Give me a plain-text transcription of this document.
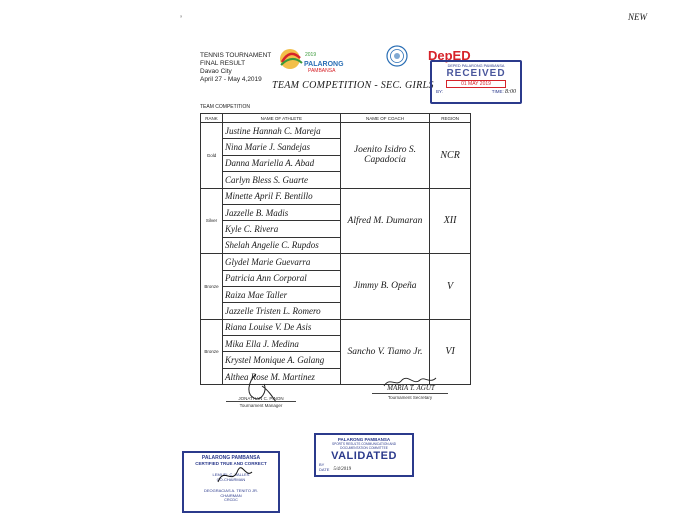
NEW
’
TENNIS TOURNAMENT
FINAL RESULT
Davao City
April 27 - May 4,2019
2019
PALARONG
PAMBANSA
DepED
TEAM COMPETITION - SEC. GIRLS
DEPED PALARONG PAMBANSA
RECEIVED
01 MAY 2019
BY:	TIME: 8:00
TEAM COMPETITION
RANK	NAME OF ATHLETE	NAME OF COACH	REGION
Gold	Justine Hannah C. Mareja	Joenito Isidro S. Capadocia	NCR
	Nina Marie J. Sandejas		
	Danna Mariella A. Abad		
	Carlyn Bless S. Guarte		
Silver	Minette April F. Bentillo	Alfred M. Dumaran	XII
	Jazzelle B. Madis		
	Kyle C. Rivera		
	Shelah Angelie C. Rupdos		
Bronze	Glydel Marie Guevarra	Jimmy B. Opeña	V
	Patricia Ann Corporal		
	Raiza Mae Taller		
	Jazzelle Tristen L. Romero		
Bronze	Riana Louise V. De Asis	Sancho V. Tiamo Jr.	VI
	Mika Ella J. Medina		
	Krystel Monique A. Galang		
	Althea Rose M. Martinez		
JONATHAN C. PINON
Tournament Manager
MARIA T. AGUT
Tournament Secretary
PALARONG PAMBANSA
CERTIFIED TRUE AND CORRECT
LEMUEL C. VALLES
CO-CHAIRMAN
DEOGRACIAS A. TENITO JR.
CHAIRMAN
CRCDC
PALARONG PAMBANSA
SPORTS RESULTS COMMUNICATION AND DOCUMENTATION COMMITTEE
VALIDATED
BY
DATE 5/4/2019
